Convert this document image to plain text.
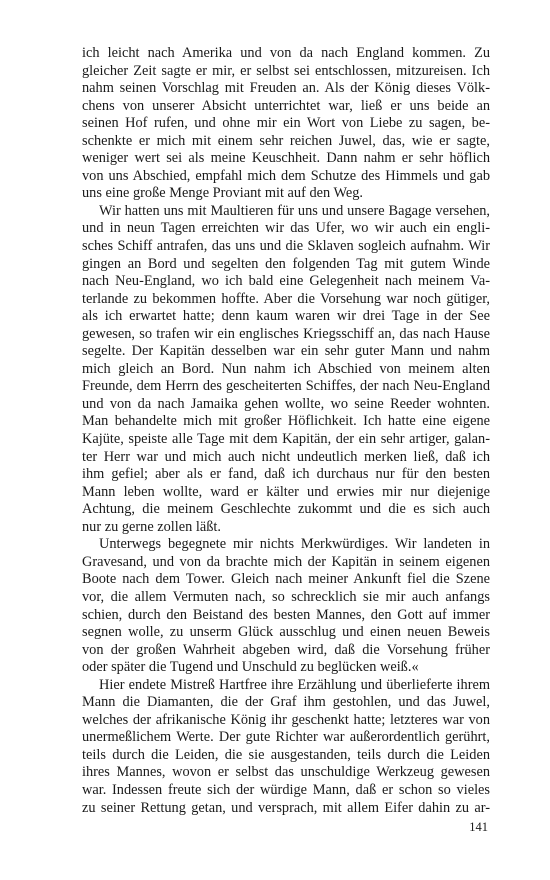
ich leicht nach Amerika und von da nach England kommen. Zu
gleicher Zeit sagte er mir, er selbst sei entschlossen, mitzureisen. Ich
nahm seinen Vorschlag mit Freuden an. Als der König dieses Völk-
chens von unserer Absicht unterrichtet war, ließ er uns beide an
seinen Hof rufen, und ohne mir ein Wort von Liebe zu sagen, be-
schenkte er mich mit einem sehr reichen Juwel, das, wie er sagte,
weniger wert sei als meine Keuschheit. Dann nahm er sehr höflich
von uns Abschied, empfahl mich dem Schutze des Himmels und gab
uns eine große Menge Proviant mit auf den Weg.
Wir hatten uns mit Maultieren für uns und unsere Bagage versehen,
und in neun Tagen erreichten wir das Ufer, wo wir auch ein engli-
sches Schiff antrafen, das uns und die Sklaven sogleich aufnahm. Wir
gingen an Bord und segelten den folgenden Tag mit gutem Winde
nach Neu-England, wo ich bald eine Gelegenheit nach meinem Va-
terlande zu bekommen hoffte. Aber die Vorsehung war noch gütiger,
als ich erwartet hatte; denn kaum waren wir drei Tage in der See
gewesen, so trafen wir ein englisches Kriegsschiff an, das nach Hause
segelte. Der Kapitän desselben war ein sehr guter Mann und nahm
mich gleich an Bord. Nun nahm ich Abschied von meinem alten
Freunde, dem Herrn des gescheiterten Schiffes, der nach Neu-England
und von da nach Jamaika gehen wollte, wo seine Reeder wohnten.
Man behandelte mich mit großer Höflichkeit. Ich hatte eine eigene
Kajüte, speiste alle Tage mit dem Kapitän, der ein sehr artiger, galan-
ter Herr war und mich auch nicht undeutlich merken ließ, daß ich
ihm gefiel; aber als er fand, daß ich durchaus nur für den besten
Mann leben wollte, ward er kälter und erwies mir nur diejenige
Achtung, die meinem Geschlechte zukommt und die es sich auch
nur zu gerne zollen läßt.
Unterwegs begegnete mir nichts Merkwürdiges. Wir landeten in
Gravesand, und von da brachte mich der Kapitän in seinem eigenen
Boote nach dem Tower. Gleich nach meiner Ankunft fiel die Szene
vor, die allem Vermuten nach, so schrecklich sie mir auch anfangs
schien, durch den Beistand des besten Mannes, den Gott auf immer
segnen wolle, zu unserm Glück ausschlug und einen neuen Beweis
von der großen Wahrheit abgeben wird, daß die Vorsehung früher
oder später die Tugend und Unschuld zu beglücken weiß.«
Hier endete Mistreß Hartfree ihre Erzählung und überlieferte ihrem
Mann die Diamanten, die der Graf ihm gestohlen, und das Juwel,
welches der afrikanische König ihr geschenkt hatte; letzteres war von
unermeßlichem Werte. Der gute Richter war außerordentlich gerührt,
teils durch die Leiden, die sie ausgestanden, teils durch die Leiden
ihres Mannes, wovon er selbst das unschuldige Werkzeug gewesen
war. Indessen freute sich der würdige Mann, daß er schon so vieles
zu seiner Rettung getan, und versprach, mit allem Eifer dahin zu ar-
141
